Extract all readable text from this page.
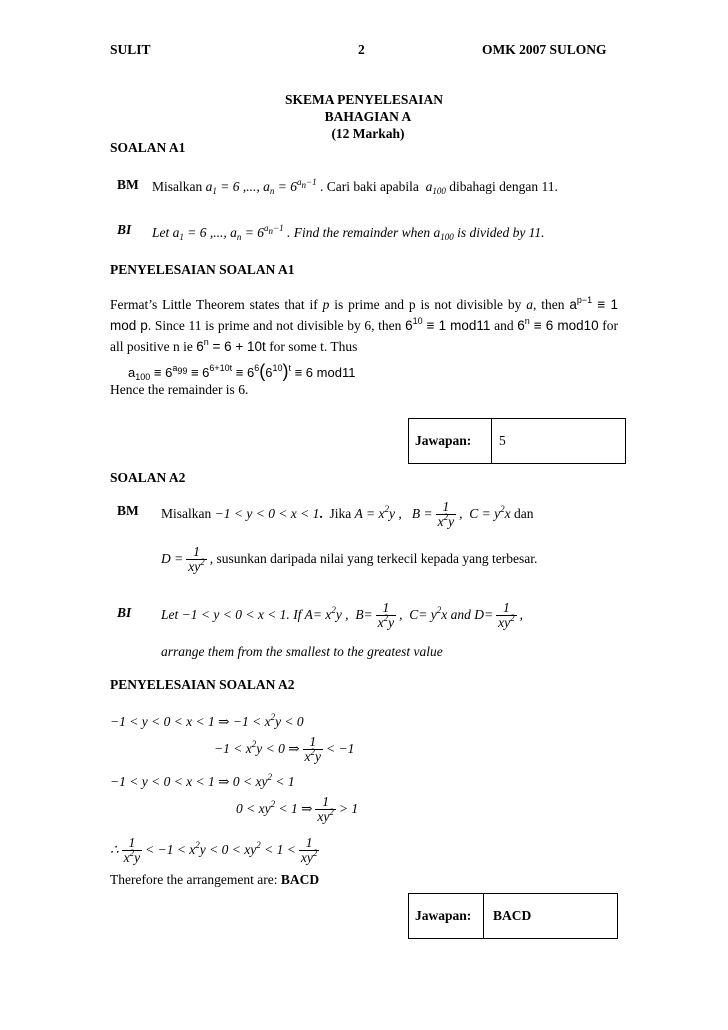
SULIT	2	OMK 2007 SULONG
SKEMA PENYELESAIAN
BAHAGIAN A
(12 Markah)
SOALAN A1
BM Misalkan $a_1 = 6$ ,..., $a_n = 6^{a_n-1}$ . Cari baki apabila  $a_{100}$ dibahagi dengan 11.
BI Let $a_1 = 6$ ,..., $a_n = 6^{a_n-1}$ . Find the remainder when $a_{100}$ is divided by 11.
PENYELESAIAN SOALAN A1
Fermat’s Little Theorem states that if p is prime and p is not divisible by a, then $a^{p-1} \equiv 1$ mod p. Since 11 is prime and not divisible by 6, then $6^{10} \equiv 1$ mod11 and $6^n \equiv 6$ mod10 for all positive n ie $6^n = 6 + 10t$ for some t. Thus
$a_{100} \equiv 6^{a_{99}} \equiv 6^{6+10t} \equiv 6^6(6^{10})^t \equiv 6$ mod11
Hence the remainder is 6.
Jawapan:	5
SOALAN A2
BM Misalkan −1 < y < 0 < x < 1. Jika $A = x^2y$ , $B = \frac{1}{x^2y}$ , $C = y^2x$ dan
$D = \frac{1}{xy^2}$ , susunkan daripada nilai yang terkecil kepada yang terbesar.
BI Let −1 < y < 0 < x < 1. If $A= x^2y$ , $B= \frac{1}{x^2y}$ , $C= y^2x$ and $D= \frac{1}{xy^2}$ ,
arrange them from the smallest to the greatest value
PENYELESAIAN SOALAN A2
−1 < y < 0 < x < 1 ⇒ $-1 < x^2y < 0$
$-1 < x^2y < 0$ ⇒ $\frac{1}{x^2y} < -1$
−1 < y < 0 < x < 1 ⇒ $0 < xy^2 < 1$
$0 < xy^2 < 1$ ⇒ $\frac{1}{xy^2} > 1$
∴ $\frac{1}{x^2y} < -1 < x^2y < 0 < xy^2 < 1 < \frac{1}{xy^2}$
Therefore the arrangement are: BACD
Jawapan:	BACD
